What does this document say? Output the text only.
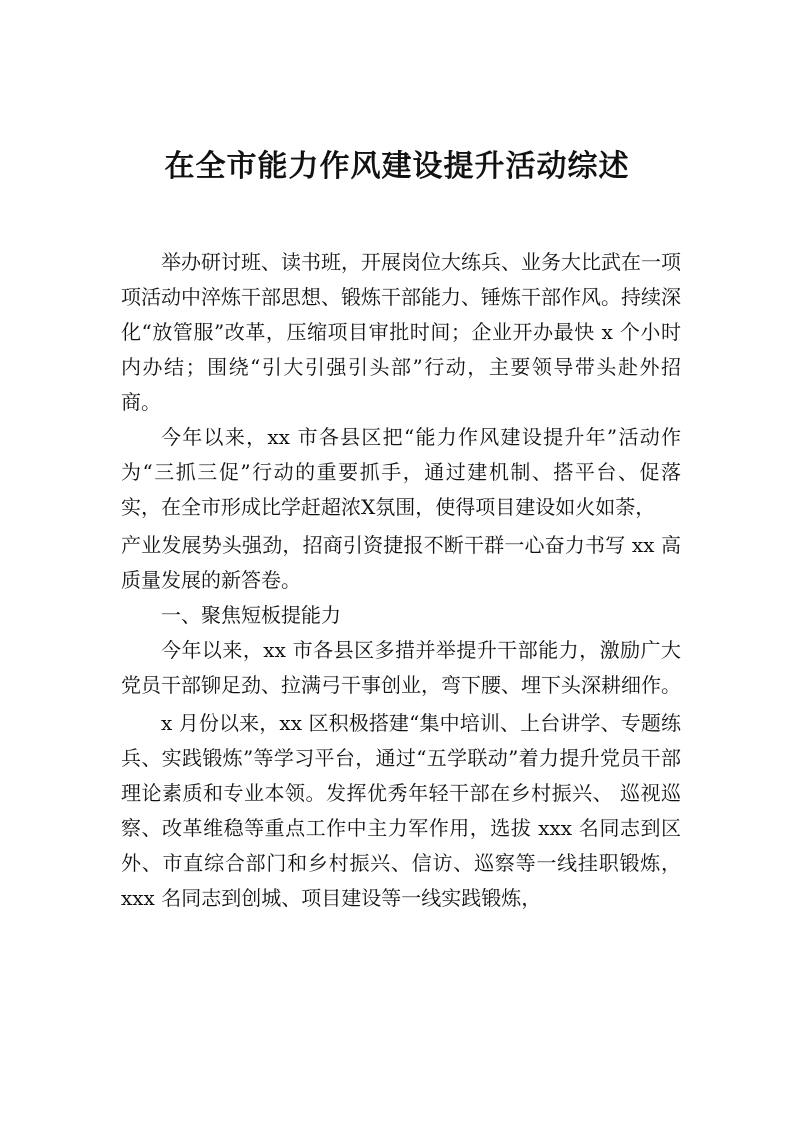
在全市能力作风建设提升活动综述

举办研讨班、读书班，开展岗位大练兵、业务大比武在一项项活动中淬炼干部思想、锻炼干部能力、锤炼干部作风。持续深化“放管服”改革，压缩项目审批时间；企业开办最快 x 个小时内办结；围绕“引大引强引头部”行动，主要领导带头赴外招商。

今年以来，xx 市各县区把“能力作风建设提升年”活动作为“三抓三促”行动的重要抓手，通过建机制、搭平台、促落实，在全市形成比学赶超浓X氛围，使得项目建设如火如荼，

产业发展势头强劲，招商引资捷报不断干群一心奋力书写 xx 高质量发展的新答卷。

一、聚焦短板提能力

今年以来，xx 市各县区多措并举提升干部能力，激励广大党员干部铆足劲、拉满弓干事创业，弯下腰、埋下头深耕细作。

x 月份以来，xx 区积极搭建“集中培训、上台讲学、专题练兵、实践锻炼”等学习平台，通过“五学联动”着力提升党员干部理论素质和专业本领。发挥优秀年轻干部在乡村振兴、 巡视巡察、改革维稳等重点工作中主力军作用，选拔 xxx 名同志到区外、市直综合部门和乡村振兴、信访、巡察等一线挂职锻炼，xxx 名同志到创城、项目建设等一线实践锻炼，
